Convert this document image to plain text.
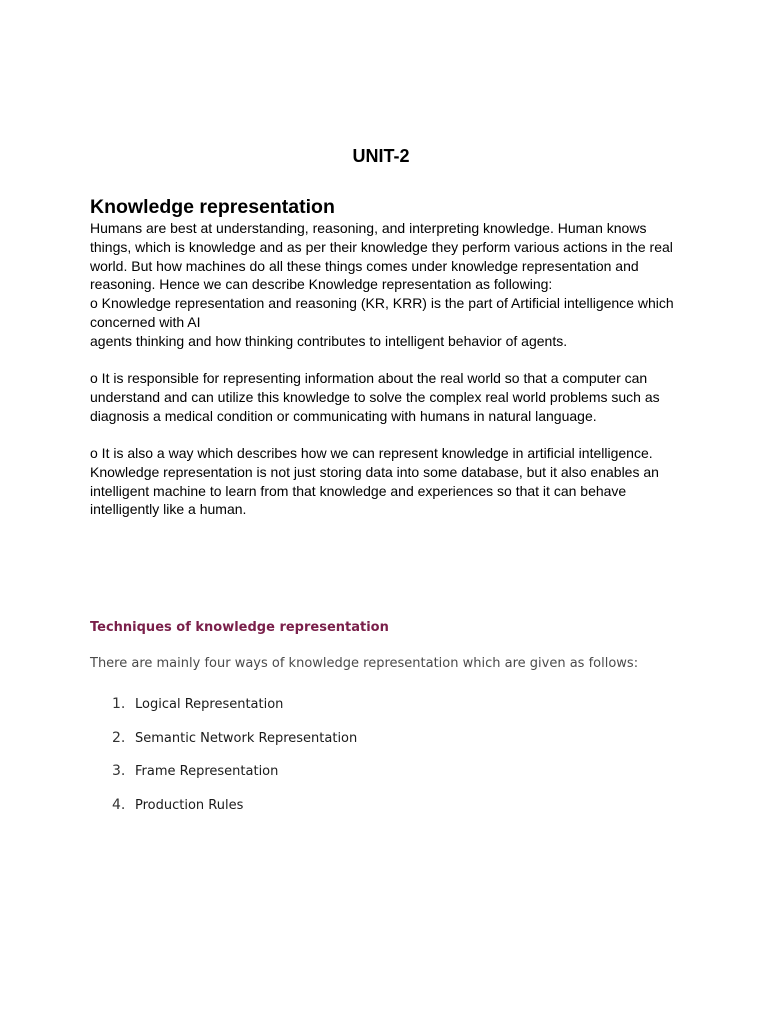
UNIT-2
Knowledge representation

Humans are best at understanding, reasoning, and interpreting knowledge. Human knows
things, which is knowledge and as per their knowledge they perform various actions in the real
world. But how machines do all these things comes under knowledge representation and
reasoning. Hence we can describe Knowledge representation as following:
o Knowledge representation and reasoning (KR, KRR) is the part of Artificial intelligence which
concerned with AI
agents thinking and how thinking contributes to intelligent behavior of agents.

o It is responsible for representing information about the real world so that a computer can
understand and can utilize this knowledge to solve the complex real world problems such as
diagnosis a medical condition or communicating with humans in natural language.

o It is also a way which describes how we can represent knowledge in artificial intelligence.
Knowledge representation is not just storing data into some database, but it also enables an
intelligent machine to learn from that knowledge and experiences so that it can behave
intelligently like a human.

Techniques of knowledge representation

There are mainly four ways of knowledge representation which are given as follows:

1. Logical Representation
2. Semantic Network Representation
3. Frame Representation
4. Production Rules
